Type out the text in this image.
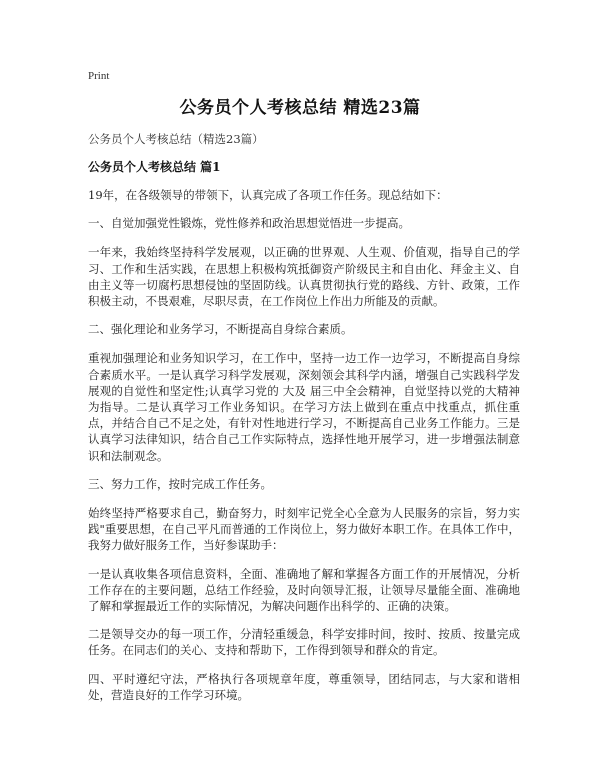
Print
公务员个人考核总结 精选23篇

公务员个人考核总结（精选23篇）

公务员个人考核总结 篇1

19年，在各级领导的带领下，认真完成了各项工作任务。现总结如下：

一、自觉加强党性锻炼，党性修养和政治思想觉悟进一步提高。

一年来，我始终坚持科学发展观，以正确的世界观、人生观、价值观，指导自己的学习、工作和生活实践，在思想上积极构筑抵御资产阶级民主和自由化、拜金主义、自由主义等一切腐朽思想侵蚀的坚固防线。认真贯彻执行党的路线、方针、政策，工作积极主动，不畏艰难，尽职尽责，在工作岗位上作出力所能及的贡献。

二、强化理论和业务学习，不断提高自身综合素质。

重视加强理论和业务知识学习，在工作中，坚持一边工作一边学习，不断提高自身综合素质水平。一是认真学习科学发展观，深刻领会其科学内涵，增强自己实践科学发展观的自觉性和坚定性;认真学习党的 大及 届三中全会精神，自觉坚持以党的大精神为指导。二是认真学习工作业务知识。在学习方法上做到在重点中找重点，抓住重点，并结合自己不足之处，有针对性地进行学习，不断提高自己业务工作能力。三是认真学习法律知识，结合自己工作实际特点，选择性地开展学习，进一步增强法制意识和法制观念。

三、努力工作，按时完成工作任务。

始终坚持严格要求自己，勤奋努力，时刻牢记党全心全意为人民服务的宗旨，努力实践"重要思想，在自己平凡而普通的工作岗位上，努力做好本职工作。在具体工作中，我努力做好服务工作，当好参谋助手：

一是认真收集各项信息资料，全面、准确地了解和掌握各方面工作的开展情况，分析工作存在的主要问题，总结工作经验，及时向领导汇报，让领导尽量能全面、准确地了解和掌握最近工作的实际情况，为解决问题作出科学的、正确的决策。

二是领导交办的每一项工作，分清轻重缓急，科学安排时间，按时、按质、按量完成任务。在同志们的关心、支持和帮助下，工作得到领导和群众的肯定。

四、平时遵纪守法，严格执行各项规章年度，尊重领导，团结同志，与大家和谐相处，营造良好的工作学习环境。
